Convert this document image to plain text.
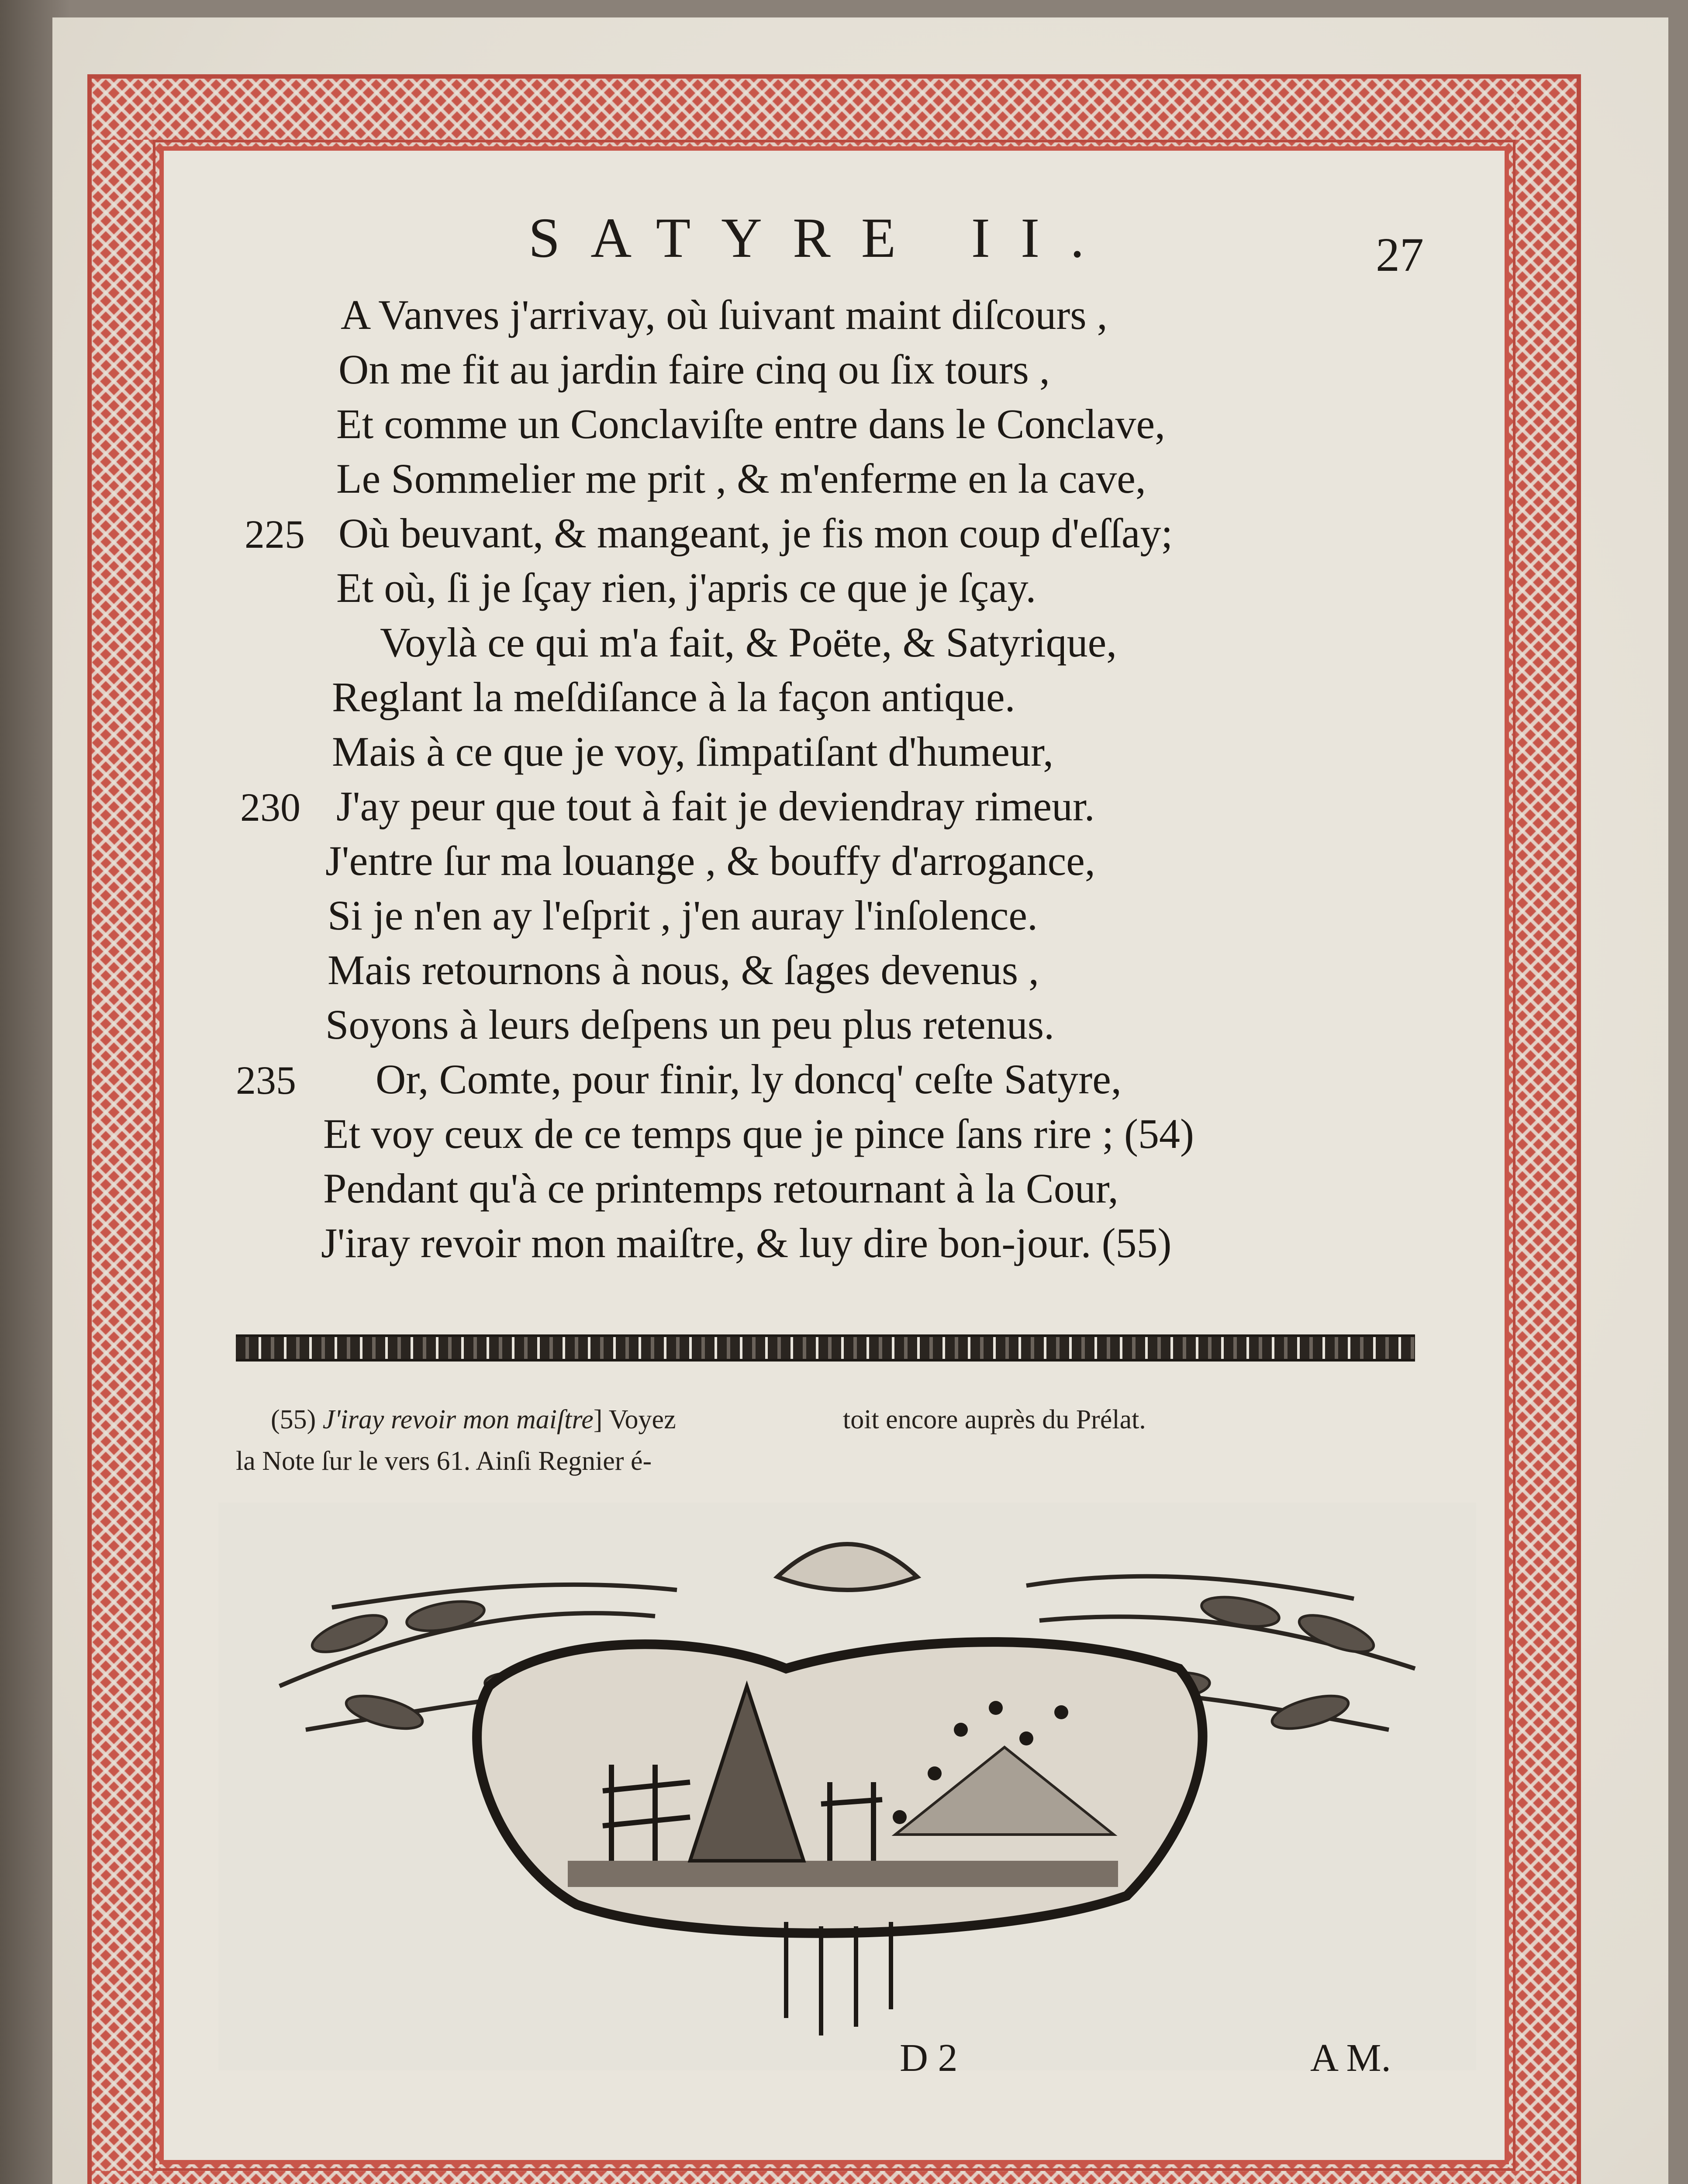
SATYRE II.	27
A Vanves j'arrivay, où ſuivant maint diſcours ,
On me fit au jardin faire cinq ou ſix tours ,
Et comme un Conclaviſte entre dans le Conclave,
Le Sommelier me prit , & m'enferme en la cave,
225 Où beuvant, & mangeant, je fis mon coup d'eſſay;
Et où, ſi je ſçay rien, j'apris ce que je ſçay.
Voylà ce qui m'a fait, & Poëte, & Satyrique,
Reglant la meſdiſance à la façon antique.
Mais à ce que je voy, ſimpatiſant d'humeur,
230 J'ay peur que tout à fait je deviendray rimeur.
J'entre ſur ma louange , & bouffy d'arrogance,
Si je n'en ay l'eſprit , j'en auray l'inſolence.
Mais retournons à nous, & ſages devenus ,
Soyons à leurs deſpens un peu plus retenus.
235 Or, Comte, pour finir, ly doncq' ceſte Satyre,
Et voy ceux de ce temps que je pince ſans rire ; (54)
Pendant qu'à ce printemps retournant à la Cour,
J'iray revoir mon maiſtre, & luy dire bon-jour. (55)
(55) J'iray revoir mon maiſtre] Voyez
la Note ſur le vers 61. Ainſi Regnier é-
toit encore auprès du Prélat.
D 2	A M.
